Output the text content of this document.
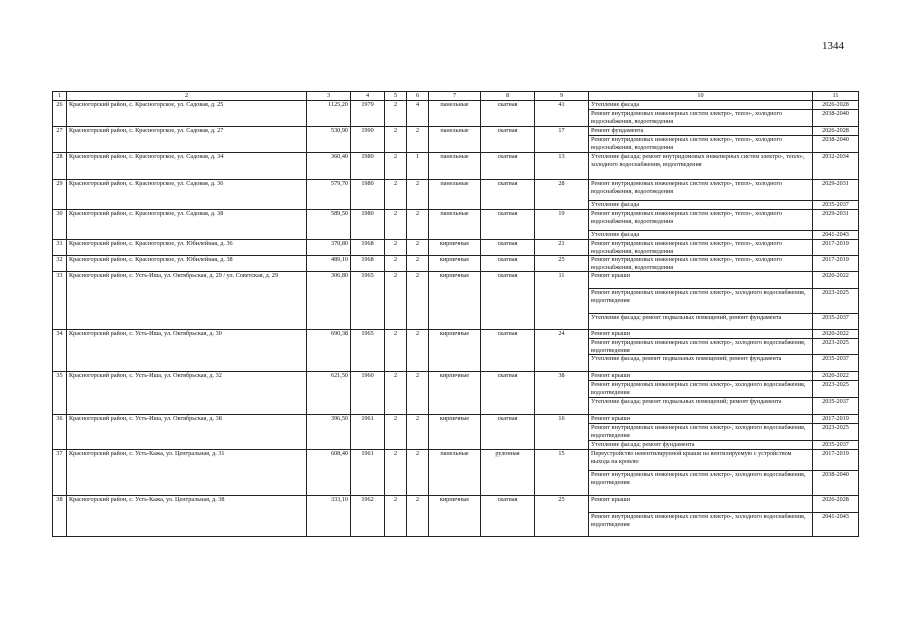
1344
1	2	3	4	5	6	7	8	9	10	11
26	Красногорский район, с. Красногорское, ул. Садовая, д. 25	1125,20	1979	2	4	панельные	скатная	41	Утепление фасада	2026-2028
									Ремонт внутридомовых инженерных систем электро-, тепло-, холодного водоснабжения, водоотведения	2038-2040
27	Красногорский район, с. Красногорское, ул. Садовая, д. 27	530,90	1990	2	2	панельные	скатная	17	Ремонт фундамента	2026-2028
									Ремонт внутридомовых инженерных систем электро-, тепло-, холодного водоснабжения, водоотведения	2038-2040
28	Красногорский район, с. Красногорское, ул. Садовая, д. 34	360,40	1980	2	1	панельные	скатная	13	Утепление фасада; ремонт внутридомовых инженерных систем электро-, тепло-, холодного водоснабжения, водоотведения	2032-2034
29	Красногорский район, с. Красногорское, ул. Садовая, д. 36	579,70	1980	2	2	панельные	скатная	28	Ремонт внутридомовых инженерных систем электро-, тепло-, холодного водоснабжения, водоотведения	2029-2031
									Утепление фасада	2035-2037
30	Красногорский район, с. Красногорское, ул. Садовая, д. 38	589,50	1980	2	2	панельные	скатная	19	Ремонт внутридомовых инженерных систем электро-, тепло-, холодного водоснабжения, водоотведения	2029-2031
									Утепление фасада	2041-2043
31	Красногорский район, с. Красногорское, ул. Юбилейная, д. 36	370,80	1968	2	2	кирпичные	скатная	21	Ремонт внутридомовых инженерных систем электро-, тепло-, холодного водоснабжения, водоотведения	2017-2019
32	Красногорский район, с. Красногорское, ул. Юбилейная, д. 38	489,10	1968	2	2	кирпичные	скатная	25	Ремонт внутридомовых инженерных систем электро-, тепло-, холодного водоснабжения, водоотведения	2017-2019
33	Красногорский район, с. Усть-Иша, ул. Октябрьская, д. 29 / ул. Советская, д. 29	306,80	1965	2	2	кирпичные	скатная	11	Ремонт крыши	2020-2022
									Ремонт внутридомовых инженерных систем электро-, холодного водоснабжения, водоотведения	2023-2025
									Утепление фасада; ремонт подвальных помещений, ремонт фундамента	2035-2037
34	Красногорский район, с. Усть-Иша, ул. Октябрьская, д. 30	690,38	1965	2	2	кирпичные	скатная	24	Ремонт крыши	2020-2022
									Ремонт внутридомовых инженерных систем электро-, холодного водоснабжения, водоотведения	2023-2025
									Утепление фасада, ремонт подвальных помещений; ремонт фундамента	2035-2037
35	Красногорский район, с. Усть-Иша, ул. Октябрьская, д. 32	621,50	1960	2	2	кирпичные	скатная	38	Ремонт крыши	2020-2022
									Ремонт внутридомовых инженерных систем электро-, холодного водоснабжения, водоотведения	2023-2025
									Утепление фасада; ремонт подвальных помещений; ремонт фундамента	2035-2037
36	Красногорский район, с. Усть-Иша, ул. Октябрьская, д. 38	396,50	1961	2	2	кирпичные	скатная	16	Ремонт крыши	2017-2019
									Ремонт внутридомовых инженерных систем электро-, холодного водоснабжения, водоотведения	2023-2025
									Утепление фасада; ремонт фундамента	2035-2037
37	Красногорский район, с. Усть-Кажа, ул. Центральная, д. 31	608,40	1961	2	2	панельные	рулонная	15	Переустройство невентилируемой крыши на вентилируемую с устройством выхода на кровлю	2017-2019
									Ремонт внутридомовых инженерных систем электро-, холодного водоснабжения, водоотведения	2038-2040
38	Красногорский район, с. Усть-Кажа, ул. Центральная, д. 38	333,10	1962	2	2	кирпичные	скатная	25	Ремонт крыши	2026-2028
									Ремонт внутридомовых инженерных систем электро-, холодного водоснабжения, водоотведения	2041-2043
